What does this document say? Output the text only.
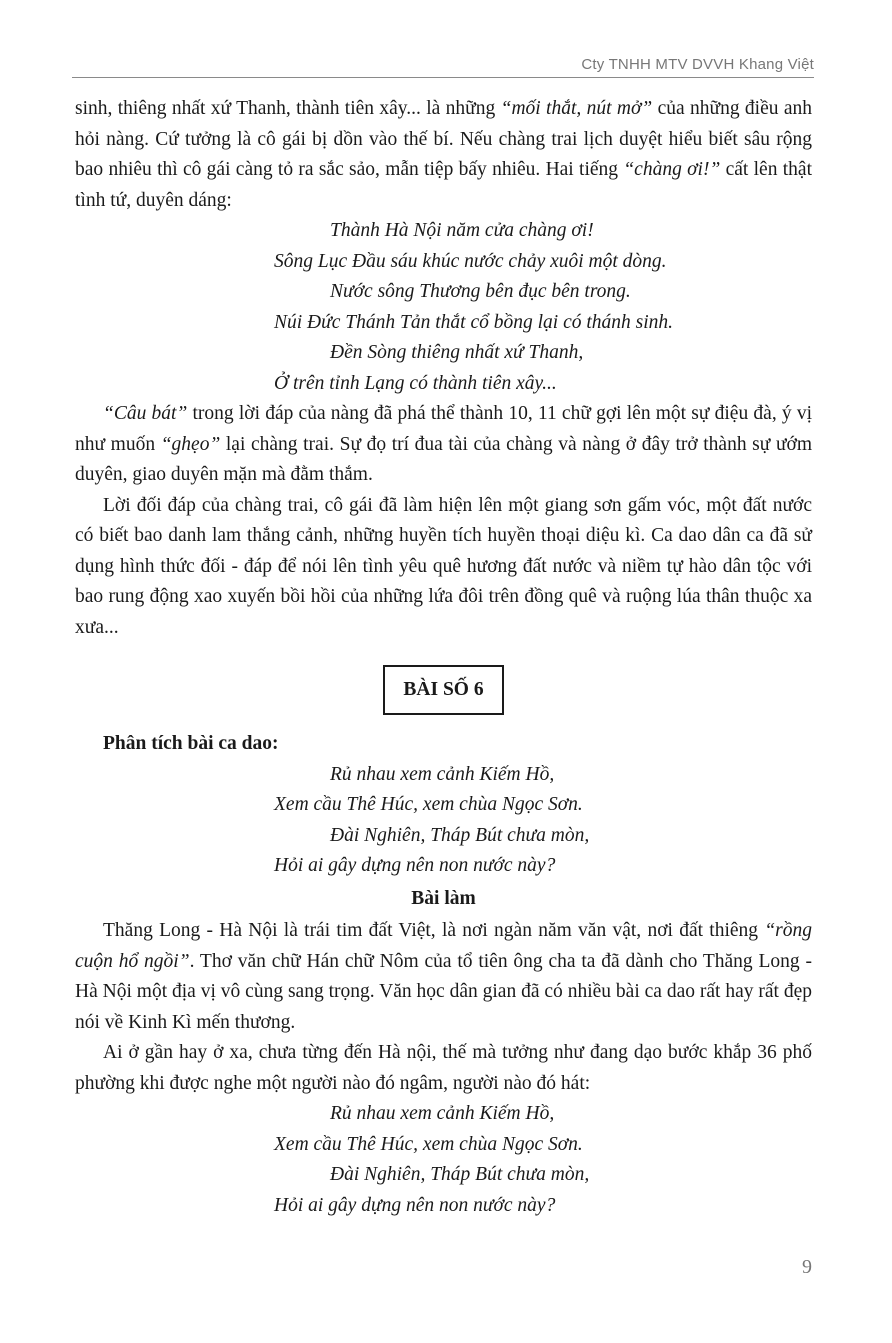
Cty TNHH MTV DVVH Khang Việt

sinh, thiêng nhất xứ Thanh, thành tiên xây... là những “mối thắt, nút mở” của những điều anh hỏi nàng. Cứ tưởng là cô gái bị dồn vào thế bí. Nếu chàng trai lịch duyệt hiểu biết sâu rộng bao nhiêu thì cô gái càng tỏ ra sắc sảo, mẫn tiệp bấy nhiêu. Hai tiếng “chàng ơi!” cất lên thật tình tứ, duyên dáng:

Thành Hà Nội năm cửa chàng ơi!
Sông Lục Đầu sáu khúc nước chảy xuôi một dòng.
Nước sông Thương bên đục bên trong.
Núi Đức Thánh Tản thắt cổ bồng lại có thánh sinh.
Đền Sòng thiêng nhất xứ Thanh,
Ở trên tỉnh Lạng có thành tiên xây...

“Câu bát” trong lời đáp của nàng đã phá thể thành 10, 11 chữ gợi lên một sự điệu đà, ý vị như muốn “ghẹo” lại chàng trai. Sự đọ trí đua tài của chàng và nàng ở đây trở thành sự ướm duyên, giao duyên mặn mà đằm thắm.

Lời đối đáp của chàng trai, cô gái đã làm hiện lên một giang sơn gấm vóc, một đất nước có biết bao danh lam thắng cảnh, những huyền tích huyền thoại diệu kì. Ca dao dân ca đã sử dụng hình thức đối - đáp để nói lên tình yêu quê hương đất nước và niềm tự hào dân tộc với bao rung động xao xuyến bồi hồi của những lứa đôi trên đồng quê và ruộng lúa thân thuộc xa xưa...

BÀI SỐ 6

Phân tích bài ca dao:

Rủ nhau xem cảnh Kiếm Hồ,
Xem cầu Thê Húc, xem chùa Ngọc Sơn.
Đài Nghiên, Tháp Bút chưa mòn,
Hỏi ai gây dựng nên non nước này?

Bài làm

Thăng Long - Hà Nội là trái tim đất Việt, là nơi ngàn năm văn vật, nơi đất thiêng “rồng cuộn hổ ngồi”. Thơ văn chữ Hán chữ Nôm của tổ tiên ông cha ta đã dành cho Thăng Long - Hà Nội một địa vị vô cùng sang trọng. Văn học dân gian đã có nhiều bài ca dao rất hay rất đẹp nói về Kinh Kì mến thương.

Ai ở gần hay ở xa, chưa từng đến Hà nội, thế mà tưởng như đang dạo bước khắp 36 phố phường khi được nghe một người nào đó ngâm, người nào đó hát:

Rủ nhau xem cảnh Kiếm Hồ,
Xem cầu Thê Húc, xem chùa Ngọc Sơn.
Đài Nghiên, Tháp Bút chưa mòn,
Hỏi ai gây dựng nên non nước này?
9
